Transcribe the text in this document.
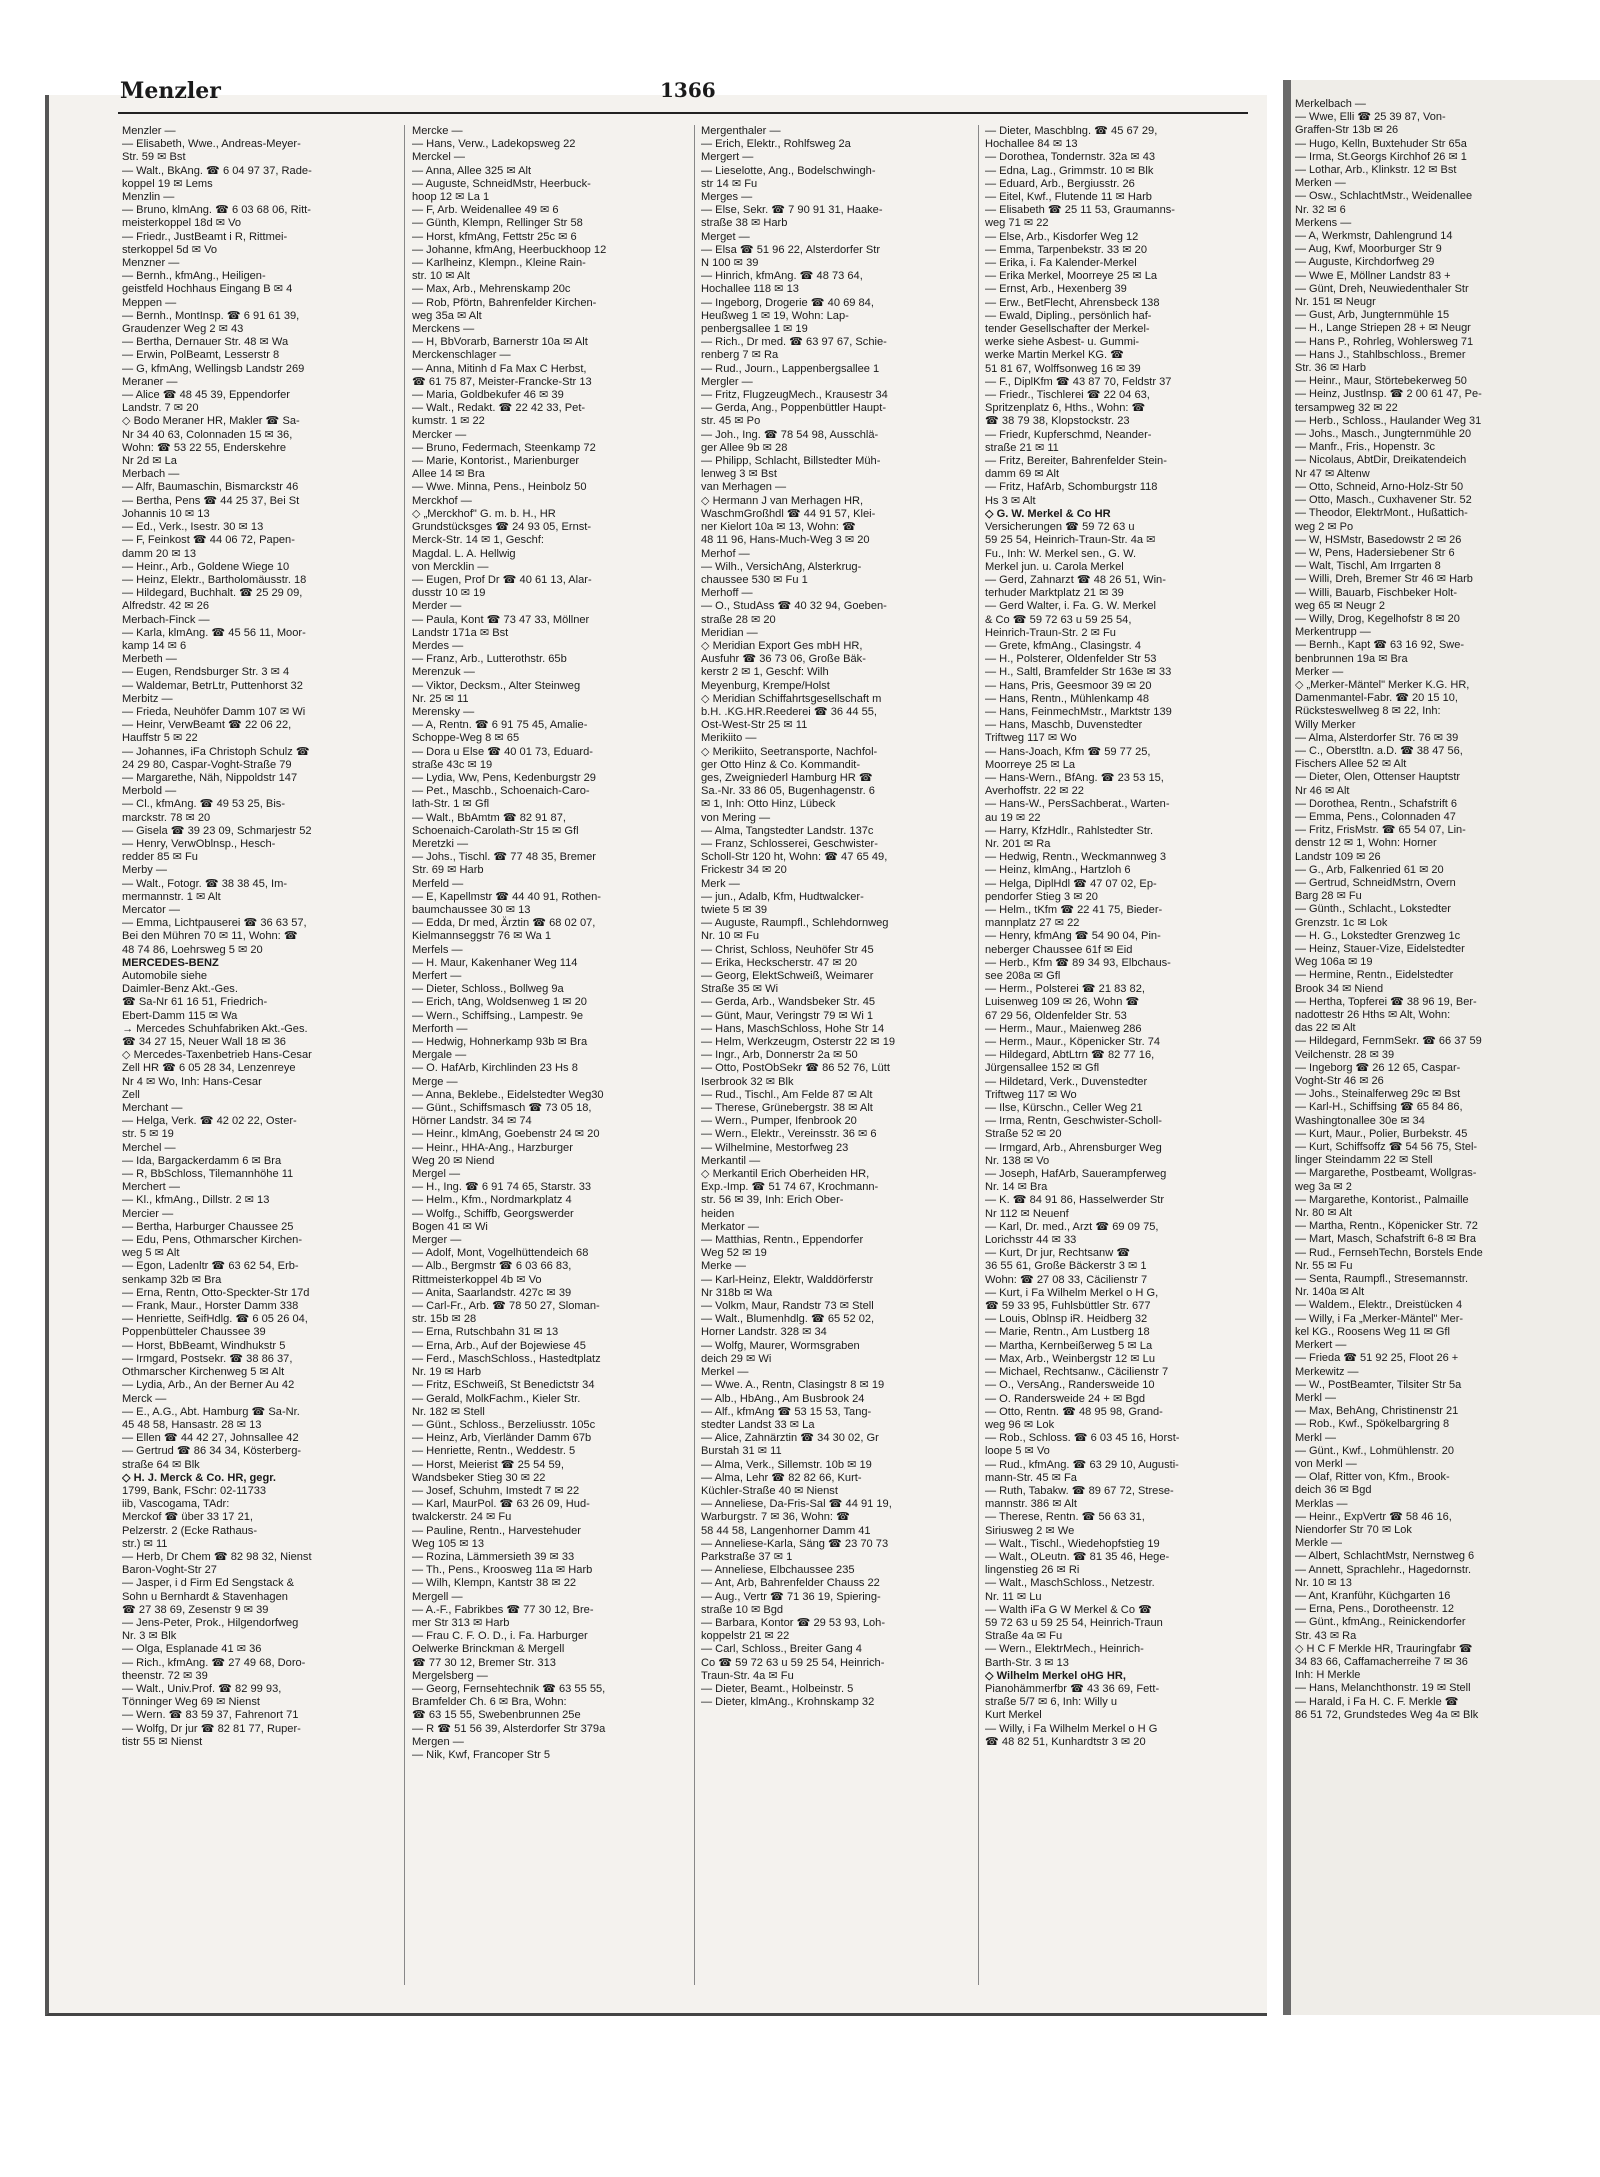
Menzler	1366

Menzler —

— Elisabeth, Wwe., Andreas-Meyer-

Str. 59 ✉ Bst

— Walt., BkAng. ☎ 6 04 97 37, Rade-

koppel 19 ✉ Lems

Menzlin —

— Bruno, klmAng. ☎ 6 03 68 06, Ritt-

meisterkoppel 18d ✉ Vo

— Friedr., JustBeamt i R, Rittmei-

sterkoppel 5d ✉ Vo

Menzner —

— Bernh., kfmAng., Heiligen-

geistfeld Hochhaus Eingang B ✉ 4

Meppen —

— Bernh., MontInsp. ☎ 6 91 61 39,

Graudenzer Weg 2 ✉ 43

— Bertha, Dernauer Str. 48 ✉ Wa

— Erwin, PolBeamt, Lesserstr 8

— G, kfmAng, Wellingsb Landstr 269

Meraner —

— Alice ☎ 48 45 39, Eppendorfer

Landstr. 7 ✉ 20

◇ Bodo Meraner HR, Makler ☎ Sa-

Nr 34 40 63, Colonnaden 15 ✉ 36,

Wohn: ☎ 53 22 55, Enderskehre

Nr 2d ✉ La

Merbach —

— Alfr, Baumaschin, Bismarckstr 46

— Bertha, Pens ☎ 44 25 37, Bei St

Johannis 10 ✉ 13

— Ed., Verk., Isestr. 30 ✉ 13

— F, Feinkost ☎ 44 06 72, Papen-

damm 20 ✉ 13

— Heinr., Arb., Goldene Wiege 10

— Heinz, Elektr., Bartholomäusstr. 18

— Hildegard, Buchhalt. ☎ 25 29 09,

Alfredstr. 42 ✉ 26

Merbach-Finck —

— Karla, klmAng. ☎ 45 56 11, Moor-

kamp 14 ✉ 6

Merbeth —

— Eugen, Rendsburger Str. 3 ✉ 4

— Waldemar, BetrLtr, Puttenhorst 32

Merbitz —

— Frieda, Neuhöfer Damm 107 ✉ Wi

— Heinr, VerwBeamt ☎ 22 06 22,

Hauffstr 5 ✉ 22

— Johannes, iFa Christoph Schulz ☎

24 29 80, Caspar-Voght-Straße 79

— Margarethe, Näh, Nippoldstr 147

Merbold —

— Cl., kfmAng. ☎ 49 53 25, Bis-

marckstr. 78 ✉ 20

— Gisela ☎ 39 23 09, Schmarjestr 52

— Henry, VerwOblnsp., Hesch-

redder 85 ✉ Fu

Merby —

— Walt., Fotogr. ☎ 38 38 45, Im-

mermannstr. 1 ✉ Alt

Mercator —

— Emma, Lichtpauserei ☎ 36 63 57,

Bei den Mühren 70 ✉ 11, Wohn: ☎

48 74 86, Loehrsweg 5 ✉ 20

MERCEDES-BENZ

Automobile siehe

Daimler-Benz Akt.-Ges.

☎ Sa-Nr 61 16 51, Friedrich-

Ebert-Damm 115 ✉ Wa

→ Mercedes Schuhfabriken Akt.-Ges.

☎ 34 27 15, Neuer Wall 18 ✉ 36

◇ Mercedes-Taxenbetrieb Hans-Cesar

Zell HR ☎ 6 05 28 34, Lenzenreye

Nr 4 ✉ Wo, Inh: Hans-Cesar

Zell

Merchant —

— Helga, Verk. ☎ 42 02 22, Oster-

str. 5 ✉ 19

Merchel —

— Ida, Bargackerdamm 6 ✉ Bra

— R, BbSchloss, Tilemannhöhe 11

Merchert —

— Kl., kfmAng., Dillstr. 2 ✉ 13

Mercier —

— Bertha, Harburger Chaussee 25

— Edu, Pens, Othmarscher Kirchen-

weg 5 ✉ Alt

— Egon, Ladenltr ☎ 63 62 54, Erb-

senkamp 32b ✉ Bra

— Erna, Rentn, Otto-Speckter-Str 17d

— Frank, Maur., Horster Damm 338

— Henriette, SeifHdlg. ☎ 6 05 26 04,

Poppenbütteler Chaussee 39

— Horst, BbBeamt, Windhukstr 5

— Irmgard, Postsekr. ☎ 38 86 37,

Othmarscher Kirchenweg 5 ✉ Alt

— Lydia, Arb., An der Berner Au 42

Merck —

— E., A.G., Abt. Hamburg ☎ Sa-Nr.

45 48 58, Hansastr. 28 ✉ 13

— Ellen ☎ 44 42 27, Johnsallee 42

— Gertrud ☎ 86 34 34, Kösterberg-

straße 64 ✉ Blk

◇ H. J. Merck & Co. HR, gegr.

1799, Bank, FSchr: 02-11733

iib, Vascogama, TAdr:

Merckof ☎ über 33 17 21,

Pelzerstr. 2 (Ecke Rathaus-

str.) ✉ 11

— Herb, Dr Chem ☎ 82 98 32, Nienst

Baron-Voght-Str 27

— Jasper, i d Firm Ed Sengstack &

Sohn u Bernhardt & Stavenhagen

☎ 27 38 69, Zesenstr 9 ✉ 39

— Jens-Peter, Prok., Hilgendorfweg

Nr. 3 ✉ Blk

— Olga, Esplanade 41 ✉ 36

— Rich., kfmAng. ☎ 27 49 68, Doro-

theenstr. 72 ✉ 39

— Walt., Univ.Prof. ☎ 82 99 93,

Tönninger Weg 69 ✉ Nienst

— Wern. ☎ 83 59 37, Fahrenort 71

— Wolfg, Dr jur ☎ 82 81 77, Ruper-

tistr 55 ✉ Nienst

Mercke —

— Hans, Verw., Ladekopsweg 22

Merckel —

— Anna, Allee 325 ✉ Alt

— Auguste, SchneidMstr, Heerbuck-

hoop 12 ✉ La 1

— F, Arb. Weidenallee 49 ✉ 6

— Günth, Klempn, Rellinger Str 58

— Horst, kfmAng, Fettstr 25c ✉ 6

— Johanne, kfmAng, Heerbuckhoop 12

— Karlheinz, Klempn., Kleine Rain-

str. 10 ✉ Alt

— Max, Arb., Mehrenskamp 20c

— Rob, Pförtn, Bahrenfelder Kirchen-

weg 35a ✉ Alt

Merckens —

— H, BbVorarb, Barnerstr 10a ✉ Alt

Merckenschlager —

— Anna, Mitinh d Fa Max C Herbst,

☎ 61 75 87, Meister-Francke-Str 13

— Maria, Goldbekufer 46 ✉ 39

— Walt., Redakt. ☎ 22 42 33, Pet-

kumstr. 1 ✉ 22

Mercker —

— Bruno, Federmach, Steenkamp 72

— Marie, Kontorist., Marienburger

Allee 14 ✉ Bra

— Wwe. Minna, Pens., Heinbolz 50

Merckhof —

◇ „Merckhof" G. m. b. H., HR

Grundstücksges ☎ 24 93 05, Ernst-

Merck-Str. 14 ✉ 1, Geschf:

Magdal. L. A. Hellwig

von Mercklin —

— Eugen, Prof Dr ☎ 40 61 13, Alar-

dusstr 10 ✉ 19

Merder —

— Paula, Kont ☎ 73 47 33, Möllner

Landstr 171a ✉ Bst

Merdes —

— Franz, Arb., Lutterothstr. 65b

Merenzuk —

— Viktor, Decksm., Alter Steinweg

Nr. 25 ✉ 11

Merensky —

— A, Rentn. ☎ 6 91 75 45, Amalie-

Schoppe-Weg 8 ✉ 65

— Dora u Else ☎ 40 01 73, Eduard-

straße 43c ✉ 19

— Lydia, Ww, Pens, Kedenburgstr 29

— Pet., Maschb., Schoenaich-Caro-

lath-Str. 1 ✉ Gfl

— Walt., BbAmtm ☎ 82 91 87,

Schoenaich-Carolath-Str 15 ✉ Gfl

Meretzki —

— Johs., Tischl. ☎ 77 48 35, Bremer

Str. 69 ✉ Harb

Merfeld —

— E, Kapellmstr ☎ 44 40 91, Rothen-

baumchaussee 30 ✉ 13

— Edda, Dr med, Ärztin ☎ 68 02 07,

Kielmannseggstr 76 ✉ Wa 1

Merfels —

— H. Maur, Kakenhaner Weg 114

Merfert —

— Dieter, Schloss., Bollweg 9a

— Erich, tAng, Woldsenweg 1 ✉ 20

— Wern., Schiffsing., Lampestr. 9e

Merforth —

— Hedwig, Hohnerkamp 93b ✉ Bra

Mergale —

— O. HafArb, Kirchlinden 23 Hs 8

Merge —

— Anna, Beklebe., Eidelstedter Weg30

— Günt., Schiffsmasch ☎ 73 05 18,

Hörner Landstr. 34 ✉ 74

— Heinr., klmAng, Goebenstr 24 ✉ 20

— Heinr., HHA-Ang., Harzburger

Weg 20 ✉ Niend

Mergel —

— H., Ing. ☎ 6 91 74 65, Starstr. 33

— Helm., Kfm., Nordmarkplatz 4

— Wolfg., Schiffb, Georgswerder

Bogen 41 ✉ Wi

Merger —

— Adolf, Mont, Vogelhüttendeich 68

— Alb., Bergmstr ☎ 6 03 66 83,

Rittmeisterkoppel 4b ✉ Vo

— Anita, Saarlandstr. 427c ✉ 39

— Carl-Fr., Arb. ☎ 78 50 27, Sloman-

str. 15b ✉ 28

— Erna, Rutschbahn 31 ✉ 13

— Erna, Arb., Auf der Bojewiese 45

— Ferd., MaschSchloss., Hastedtplatz

Nr. 19 ✉ Harb

— Fritz, ESchweiß, St Benedictstr 34

— Gerald, MolkFachm., Kieler Str.

Nr. 182 ✉ Stell

— Günt., Schloss., Berzeliusstr. 105c

— Heinz, Arb, Vierländer Damm 67b

— Henriette, Rentn., Weddestr. 5

— Horst, Meierist ☎ 25 54 59,

Wandsbeker Stieg 30 ✉ 22

— Josef, Schuhm, Imstedt 7 ✉ 22

— Karl, MaurPol. ☎ 63 26 09, Hud-

twalckerstr. 24 ✉ Fu

— Pauline, Rentn., Harvestehuder

Weg 105 ✉ 13

— Rozina, Lämmersieth 39 ✉ 33

— Th., Pens., Kroosweg 11a ✉ Harb

— Wilh, Klempn, Kantstr 38 ✉ 22

Mergell —

— A.-F., Fabrikbes ☎ 77 30 12, Bre-

mer Str 313 ✉ Harb

— Frau C. F. O. D., i. Fa. Harburger

Oelwerke Brinckman & Mergell

☎ 77 30 12, Bremer Str. 313

Mergelsberg —

— Georg, Fernsehtechnik ☎ 63 55 55,

Bramfelder Ch. 6 ✉ Bra, Wohn:

☎ 63 15 55, Swebenbrunnen 25e

— R ☎ 51 56 39, Alsterdorfer Str 379a

Mergen —

— Nik, Kwf, Francoper Str 5

Mergenthaler —

— Erich, Elektr., Rohlfsweg 2a

Mergert —

— Lieselotte, Ang., Bodelschwingh-

str 14 ✉ Fu

Merges —

— Else, Sekr. ☎ 7 90 91 31, Haake-

straße 38 ✉ Harb

Merget —

— Elsa ☎ 51 96 22, Alsterdorfer Str

N 100 ✉ 39

— Hinrich, kfmAng. ☎ 48 73 64,

Hochallee 118 ✉ 13

— Ingeborg, Drogerie ☎ 40 69 84,

Heußweg 1 ✉ 19, Wohn: Lap-

penbergsallee 1 ✉ 19

— Rich., Dr med. ☎ 63 97 67, Schie-

renberg 7 ✉ Ra

— Rud., Journ., Lappenbergsallee 1

Mergler —

— Fritz, FlugzeugMech., Krausestr 34

— Gerda, Ang., Poppenbüttler Haupt-

str. 45 ✉ Po

— Joh., Ing. ☎ 78 54 98, Ausschlä-

ger Allee 9b ✉ 28

— Philipp, Schlacht, Billstedter Müh-

lenweg 3 ✉ Bst

van Merhagen —

◇ Hermann J van Merhagen HR,

WaschmGroßhdl ☎ 44 91 57, Klei-

ner Kielort 10a ✉ 13, Wohn: ☎

48 11 96, Hans-Much-Weg 3 ✉ 20

Merhof —

— Wilh., VersichAng, Alsterkrug-

chaussee 530 ✉ Fu 1

Merhoff —

— O., StudAss ☎ 40 32 94, Goeben-

straße 28 ✉ 20

Meridian —

◇ Meridian Export Ges mbH HR,

Ausfuhr ☎ 36 73 06, Große Bäk-

kerstr 2 ✉ 1, Geschf: Wilh

Meyenburg, Krempe/Holst

◇ Meridian Schiffahrtsgesellschaft m

b.H. .KG.HR.Reederei ☎ 36 44 55,

Ost-West-Str 25 ✉ 11

Merikiito —

◇ Merikiito, Seetransporte, Nachfol-

ger Otto Hinz & Co. Kommandit-

ges, Zweigniederl Hamburg HR ☎

Sa.-Nr. 33 86 05, Bugenhagenstr. 6

✉ 1, Inh: Otto Hinz, Lübeck

von Mering —

— Alma, Tangstedter Landstr. 137c

— Franz, Schlosserei, Geschwister-

Scholl-Str 120 ht, Wohn: ☎ 47 65 49,

Frickestr 34 ✉ 20

Merk —

— jun., Adalb, Kfm, Hudtwalcker-

twiete 5 ✉ 39

— Auguste, Raumpfl., Schlehdornweg

Nr. 10 ✉ Fu

— Christ, Schloss, Neuhöfer Str 45

— Erika, Heckscherstr. 47 ✉ 20

— Georg, ElektSchweiß, Weimarer

Straße 35 ✉ Wi

— Gerda, Arb., Wandsbeker Str. 45

— Günt, Maur, Veringstr 79 ✉ Wi 1

— Hans, MaschSchloss, Hohe Str 14

— Helm, Werkzeugm, Osterstr 22 ✉ 19

— Ingr., Arb, Donnerstr 2a ✉ 50

— Otto, PostObSekr ☎ 86 52 76, Lütt

Iserbrook 32 ✉ Blk

— Rud., Tischl., Am Felde 87 ✉ Alt

— Therese, Grünebergstr. 38 ✉ Alt

— Wern., Pumper, Ifenbrook 20

— Wern., Elektr., Vereinsstr. 36 ✉ 6

— Wilhelmine, Mestorfweg 23

Merkantil —

◇ Merkantil Erich Oberheiden HR,

Exp.-Imp. ☎ 51 74 67, Krochmann-

str. 56 ✉ 39, Inh: Erich Ober-

heiden

Merkator —

— Matthias, Rentn., Eppendorfer

Weg 52 ✉ 19

Merke —

— Karl-Heinz, Elektr, Walddörferstr

Nr 318b ✉ Wa

— Volkm, Maur, Randstr 73 ✉ Stell

— Walt., Blumenhdlg. ☎ 65 52 02,

Horner Landstr. 328 ✉ 34

— Wolfg, Maurer, Wormsgraben

deich 29 ✉ Wi

Merkel —

— Wwe. A., Rentn, Clasingstr 8 ✉ 19

— Alb., HbAng., Am Busbrook 24

— Alf., kfmAng ☎ 53 15 53, Tang-

stedter Landst 33 ✉ La

— Alice, Zahnärztin ☎ 34 30 02, Gr

Burstah 31 ✉ 11

— Alma, Verk., Sillemstr. 10b ✉ 19

— Alma, Lehr ☎ 82 82 66, Kurt-

Küchler-Straße 40 ✉ Nienst

— Anneliese, Da-Fris-Sal ☎ 44 91 19,

Warburgstr. 7 ✉ 36, Wohn: ☎

58 44 58, Langenhorner Damm 41

— Anneliese-Karla, Säng ☎ 23 70 73

Parkstraße 37 ✉ 1

— Anneliese, Elbchaussee 235

— Ant, Arb, Bahrenfelder Chauss 22

— Aug., Vertr ☎ 71 36 19, Spiering-

straße 10 ✉ Bgd

— Barbara, Kontor ☎ 29 53 93, Loh-

koppelstr 21 ✉ 22

— Carl, Schloss., Breiter Gang 4

Co ☎ 59 72 63 u 59 25 54, Heinrich-

Traun-Str. 4a ✉ Fu

— Dieter, Beamt., Holbeinstr. 5

— Dieter, klmAng., Krohnskamp 32

— Dieter, Maschblng. ☎ 45 67 29,

Hochallee 84 ✉ 13

— Dorothea, Tondernstr. 32a ✉ 43

— Edna, Lag., Grimmstr. 10 ✉ Blk

— Eduard, Arb., Bergiusstr. 26

— Eitel, Kwf., Flutende 11 ✉ Harb

— Elisabeth ☎ 25 11 53, Graumanns-

weg 71 ✉ 22

— Else, Arb., Kisdorfer Weg 12

— Emma, Tarpenbekstr. 33 ✉ 20

— Erika, i. Fa Kalender-Merkel

— Erika Merkel, Moorreye 25 ✉ La

— Ernst, Arb., Hexenberg 39

— Erw., BetFlecht, Ahrensbeck 138

— Ewald, Dipling., persönlich haf-

tender Gesellschafter der Merkel-

werke siehe Asbest- u. Gummi-

werke Martin Merkel KG. ☎

51 81 67, Wolffsonweg 16 ✉ 39

— F., DiplKfm ☎ 43 87 70, Feldstr 37

— Friedr., Tischlerei ☎ 22 04 63,

Spritzenplatz 6, Hths., Wohn: ☎

☎ 38 79 38, Klopstockstr. 23

— Friedr, Kupferschmd, Neander-

straße 21 ✉ 11

— Fritz, Bereiter, Bahrenfelder Stein-

damm 69 ✉ Alt

— Fritz, HafArb, Schomburgstr 118

Hs 3 ✉ Alt

◇ G. W. Merkel & Co HR

Versicherungen ☎ 59 72 63 u

59 25 54, Heinrich-Traun-Str. 4a ✉

Fu., Inh: W. Merkel sen., G. W.

Merkel jun. u. Carola Merkel

— Gerd, Zahnarzt ☎ 48 26 51, Win-

terhuder Marktplatz 21 ✉ 39

— Gerd Walter, i. Fa. G. W. Merkel

& Co ☎ 59 72 63 u 59 25 54,

Heinrich-Traun-Str. 2 ✉ Fu

— Grete, kfmAng., Clasingstr. 4

— H., Polsterer, Oldenfelder Str 53

— H., Saltl, Bramfelder Str 163e ✉ 33

— Hans, Pris, Geesmoor 39 ✉ 20

— Hans, Rentn., Mühlenkamp 48

— Hans, FeinmechMstr., Marktstr 139

— Hans, Maschb, Duvenstedter

Triftweg 117 ✉ Wo

— Hans-Joach, Kfm ☎ 59 77 25,

Moorreye 25 ✉ La

— Hans-Wern., BfAng. ☎ 23 53 15,

Averhoffstr. 22 ✉ 22

— Hans-W., PersSachberat., Warten-

au 19 ✉ 22

— Harry, KfzHdlr., Rahlstedter Str.

Nr. 201 ✉ Ra

— Hedwig, Rentn., Weckmannweg 3

— Heinz, klmAng., Hartzloh 6

— Helga, DiplHdl ☎ 47 07 02, Ep-

pendorfer Stieg 3 ✉ 20

— Helm., tKfm ☎ 22 41 75, Bieder-

mannplatz 27 ✉ 22

— Henry, kfmAng ☎ 54 90 04, Pin-

neberger Chaussee 61f ✉ Eid

— Herb., Kfm ☎ 89 34 93, Elbchaus-

see 208a ✉ Gfl

— Herm., Polsterei ☎ 21 83 82,

Luisenweg 109 ✉ 26, Wohn ☎

67 29 56, Oldenfelder Str. 53

— Herm., Maur., Maienweg 286

— Herm., Maur., Köpenicker Str. 74

— Hildegard, AbtLtrn ☎ 82 77 16,

Jürgensallee 152 ✉ Gfl

— Hildetard, Verk., Duvenstedter

Triftweg 117 ✉ Wo

— Ilse, Kürschn., Celler Weg 21

— Irma, Rentn, Geschwister-Scholl-

Straße 52 ✉ 20

— Irmgard, Arb., Ahrensburger Weg

Nr. 138 ✉ Vo

— Joseph, HafArb, Sauerampferweg

Nr. 14 ✉ Bra

— K. ☎ 84 91 86, Hasselwerder Str

Nr 112 ✉ Neuenf

— Karl, Dr. med., Arzt ☎ 69 09 75,

Lorichsstr 44 ✉ 33

— Kurt, Dr jur, Rechtsanw ☎

36 55 61, Große Bäckerstr 3 ✉ 1

Wohn: ☎ 27 08 33, Cäcilienstr 7

— Kurt, i Fa Wilhelm Merkel o H G,

☎ 59 33 95, Fuhlsbüttler Str. 677

— Louis, Oblnsp iR. Heidberg 32

— Marie, Rentn., Am Lustberg 18

— Martha, Kernbeißerweg 5 ✉ La

— Max, Arb., Weinbergstr 12 ✉ Lu

— Michael, Rechtsanw., Cäcilienstr 7

— O., VersAng., Randersweide 10

— O. Randersweide 24 + ✉ Bgd

— Otto, Rentn. ☎ 48 95 98, Grand-

weg 96 ✉ Lok

— Rob., Schloss. ☎ 6 03 45 16, Horst-

loope 5 ✉ Vo

— Rud., kfmAng. ☎ 63 29 10, Augusti-

mann-Str. 45 ✉ Fa

— Ruth, Tabakw. ☎ 89 67 72, Strese-

mannstr. 386 ✉ Alt

— Therese, Rentn. ☎ 56 63 31,

Siriusweg 2 ✉ We

— Walt., Tischl., Wiedehopfstieg 19

— Walt., OLeutn. ☎ 81 35 46, Hege-

lingenstieg 26 ✉ Ri

— Walt., MaschSchloss., Netzestr.

Nr. 11 ✉ Lu

— Walth iFa G W Merkel & Co ☎

59 72 63 u 59 25 54, Heinrich-Traun

Straße 4a ✉ Fu

— Wern., ElektrMech., Heinrich-

Barth-Str. 3 ✉ 13

◇ Wilhelm Merkel oHG HR,

Pianohämmerfbr ☎ 43 36 69, Fett-

straße 5/7 ✉ 6, Inh: Willy u

Kurt Merkel

— Willy, i Fa Wilhelm Merkel o H G

☎ 48 82 51, Kunhardtstr 3 ✉ 20

Merkelbach —

— Wwe, Elli ☎ 25 39 87, Von-

Graffen-Str 13b ✉ 26

— Hugo, Kelln, Buxtehuder Str 65a

— Irma, St.Georgs Kirchhof 26 ✉ 1

— Lothar, Arb., Klinkstr. 12 ✉ Bst

Merken —

— Osw., SchlachtMstr., Weidenallee

Nr. 32 ✉ 6

Merkens —

— A, Werkmstr, Dahlengrund 14

— Aug, Kwf, Moorburger Str 9

— Auguste, Kirchdorfweg 29

— Wwe E, Möllner Landstr 83 +

— Günt, Dreh, Neuwiedenthaler Str

Nr. 151 ✉ Neugr

— Gust, Arb, Jungternmühle 15

— H., Lange Striepen 28 + ✉ Neugr

— Hans P., Rohrleg, Wohlersweg 71

— Hans J., Stahlbschloss., Bremer

Str. 36 ✉ Harb

— Heinr., Maur, Störtebekerweg 50

— Heinz, Justlnsp. ☎ 2 00 61 47, Pe-

tersampweg 32 ✉ 22

— Herb., Schloss., Haulander Weg 31

— Johs., Masch., Jungternmühle 20

— Manfr., Fris., Hopenstr. 3c

— Nicolaus, AbtDir, Dreikatendeich

Nr 47 ✉ Altenw

— Otto, Schneid, Arno-Holz-Str 50

— Otto, Masch., Cuxhavener Str. 52

— Theodor, ElektrMont., Hußattich-

weg 2 ✉ Po

— W, HSMstr, Basedowstr 2 ✉ 26

— W, Pens, Hadersiebener Str 6

— Walt, Tischl, Am Irrgarten 8

— Willi, Dreh, Bremer Str 46 ✉ Harb

— Willi, Bauarb, Fischbeker Holt-

weg 65 ✉ Neugr 2

— Willy, Drog, Kegelhofstr 8 ✉ 20

Merkentrupp —

— Bernh., Kapt ☎ 63 16 92, Swe-

benbrunnen 19a ✉ Bra

Merker —

◇ „Merker-Mäntel" Merker K.G. HR,

Damenmantel-Fabr. ☎ 20 15 10,

Rücksteswellweg 8 ✉ 22, Inh:

Willy Merker

— Alma, Alsterdorfer Str. 76 ✉ 39

— C., Oberstltn. a.D. ☎ 38 47 56,

Fischers Allee 52 ✉ Alt

— Dieter, Olen, Ottenser Hauptstr

Nr 46 ✉ Alt

— Dorothea, Rentn., Schafstrift 6

— Emma, Pens., Colonnaden 47

— Fritz, FrisMstr. ☎ 65 54 07, Lin-

denstr 12 ✉ 1, Wohn: Horner

Landstr 109 ✉ 26

— G., Arb, Falkenried 61 ✉ 20

— Gertrud, SchneidMstrn, Overn

Barg 28 ✉ Fu

— Günth., Schlacht., Lokstedter

Grenzstr. 1c ✉ Lok

— H. G., Lokstedter Grenzweg 1c

— Heinz, Stauer-Vize, Eidelstedter

Weg 106a ✉ 19

— Hermine, Rentn., Eidelstedter

Brook 34 ✉ Niend

— Hertha, Topferei ☎ 38 96 19, Ber-

nadottestr 26 Hths ✉ Alt, Wohn:

das 22 ✉ Alt

— Hildegard, FernmSekr. ☎ 66 37 59

Veilchenstr. 28 ✉ 39

— Ingeborg ☎ 26 12 65, Caspar-

Voght-Str 46 ✉ 26

— Johs., Steinalferweg 29c ✉ Bst

— Karl-H., Schiffsing ☎ 65 84 86,

Washingtonallee 30e ✉ 34

— Kurt, Maur., Polier, Burbekstr. 45

— Kurt, Schiffsoffz ☎ 54 56 75, Stel-

linger Steindamm 22 ✉ Stell

— Margarethe, Postbeamt, Wollgras-

weg 3a ✉ 2

— Margarethe, Kontorist., Palmaille

Nr. 80 ✉ Alt

— Martha, Rentn., Köpenicker Str. 72

— Mart, Masch, Schafstrift 6-8 ✉ Bra

— Rud., FernsehTechn, Borstels Ende

Nr. 55 ✉ Fu

— Senta, Raumpfl., Stresemannstr.

Nr. 140a ✉ Alt

— Waldem., Elektr., Dreistücken 4

— Willy, i Fa „Merker-Mäntel" Mer-

kel KG., Roosens Weg 11 ✉ Gfl

Merkert —

— Frieda ☎ 51 92 25, Floot 26 +

Merkewitz —

— W., PostBeamter, Tilsiter Str 5a

Merkl —

— Max, BehAng, Christinenstr 21

— Rob., Kwf., Spökelbargring 8

Merkl —

— Günt., Kwf., Lohmühlenstr. 20

von Merkl —

— Olaf, Ritter von, Kfm., Brook-

deich 36 ✉ Bgd

Merklas —

— Heinr., ExpVertr ☎ 58 46 16,

Niendorfer Str 70 ✉ Lok

Merkle —

— Albert, SchlachtMstr, Nernstweg 6

— Annett, Sprachlehr., Hagedornstr.

Nr. 10 ✉ 13

— Ant, Kranführ, Küchgarten 16

— Erna, Pens., Dorotheenstr. 12

— Günt., kfmAng., Reinickendorfer

Str. 43 ✉ Ra

◇ H C F Merkle HR, Trauringfabr ☎

34 83 66, Caffamacherreihe 7 ✉ 36

Inh: H Merkle

— Hans, Melanchthonstr. 19 ✉ Stell

— Harald, i Fa H. C. F. Merkle ☎

86 51 72, Grundstedes Weg 4a ✉ Blk
